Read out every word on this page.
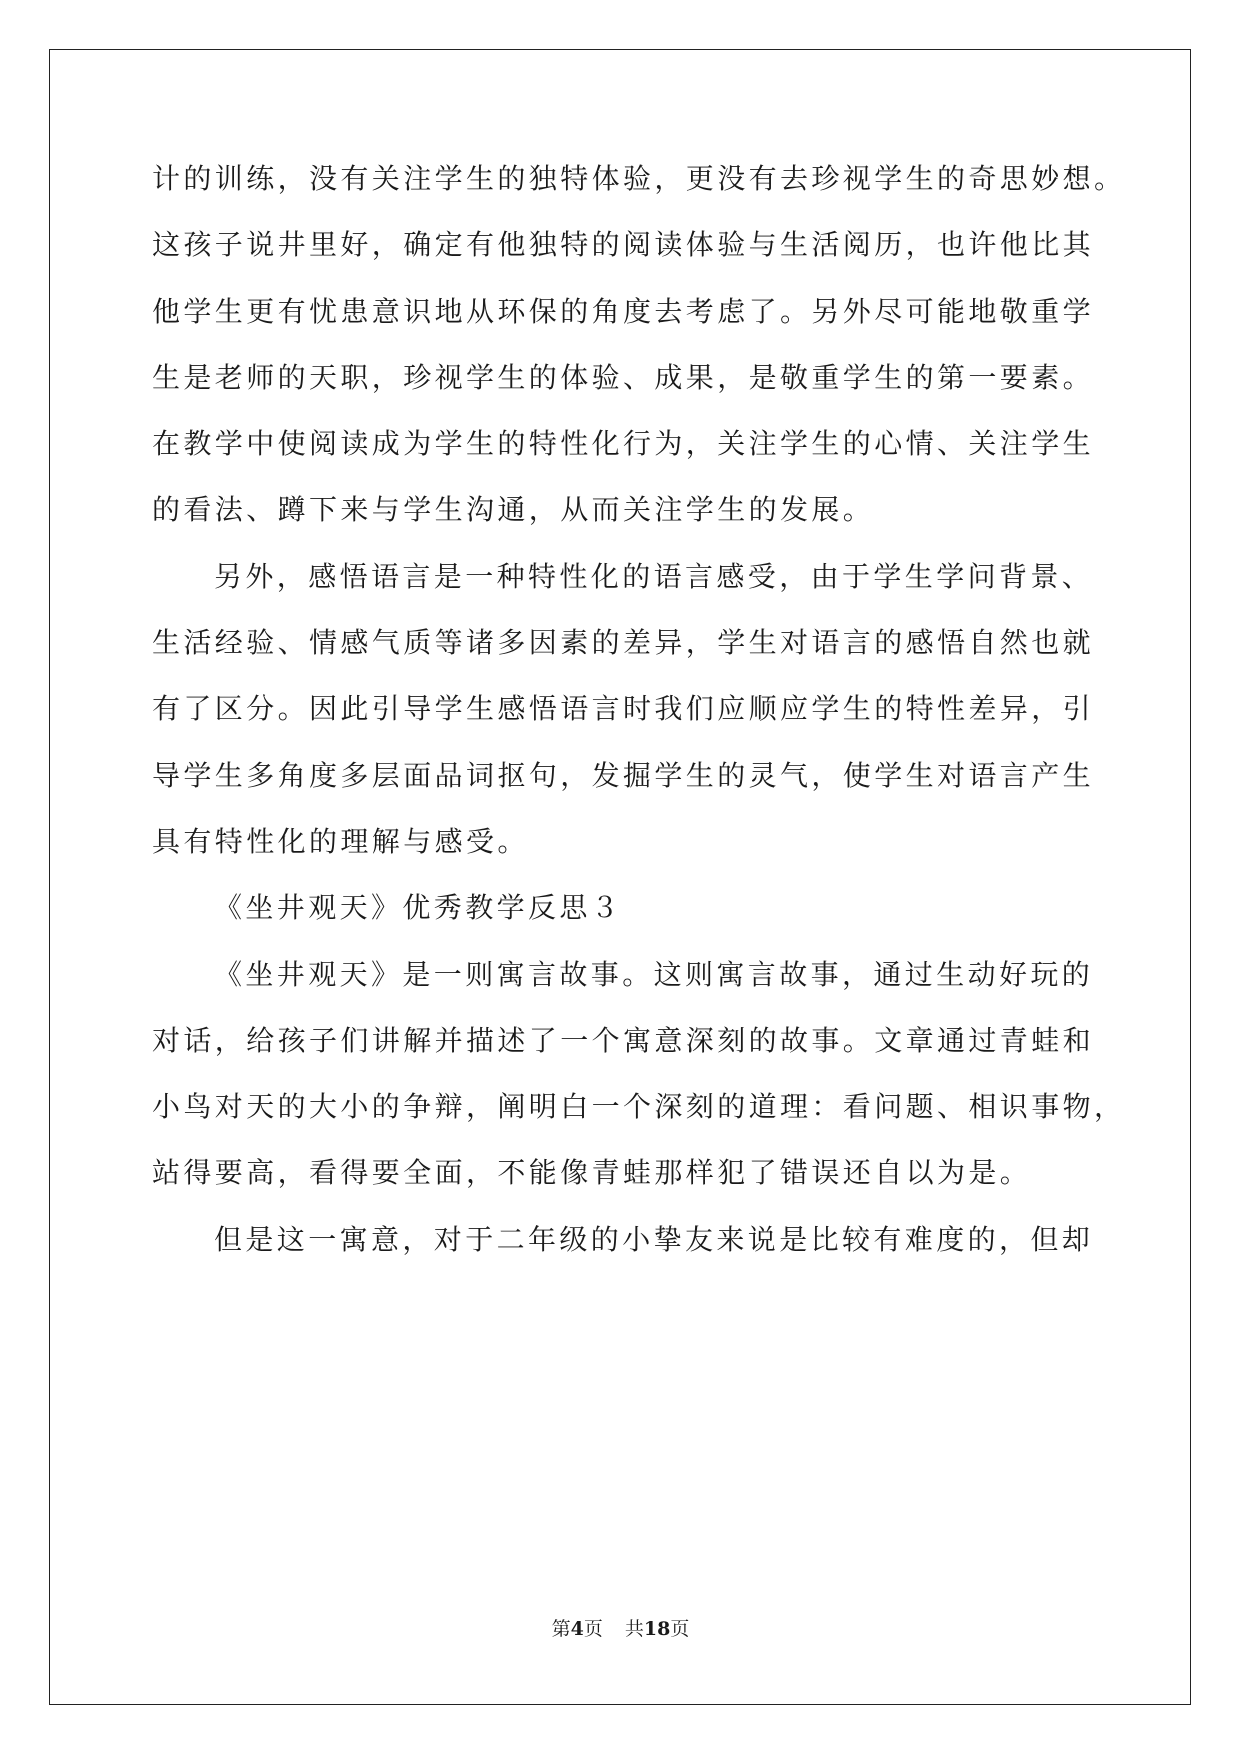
计的训练，没有关注学生的独特体验，更没有去珍视学生的奇思妙想。
这孩子说井里好，确定有他独特的阅读体验与生活阅历，也许他比其
他学生更有忧患意识地从环保的角度去考虑了。另外尽可能地敬重学
生是老师的天职，珍视学生的体验、成果，是敬重学生的第一要素。
在教学中使阅读成为学生的特性化行为，关注学生的心情、关注学生
的看法、蹲下来与学生沟通，从而关注学生的发展。
另外，感悟语言是一种特性化的语言感受，由于学生学问背景、
生活经验、情感气质等诸多因素的差异，学生对语言的感悟自然也就
有了区分。因此引导学生感悟语言时我们应顺应学生的特性差异，引
导学生多角度多层面品词抠句，发掘学生的灵气，使学生对语言产生
具有特性化的理解与感受。
《坐井观天》优秀教学反思３
《坐井观天》是一则寓言故事。这则寓言故事，通过生动好玩的
对话，给孩子们讲解并描述了一个寓意深刻的故事。文章通过青蛙和
小鸟对天的大小的争辩，阐明白一个深刻的道理：看问题、相识事物，
站得要高，看得要全面，不能像青蛙那样犯了错误还自以为是。
但是这一寓意，对于二年级的小挚友来说是比较有难度的，但却
第4页 共18页
